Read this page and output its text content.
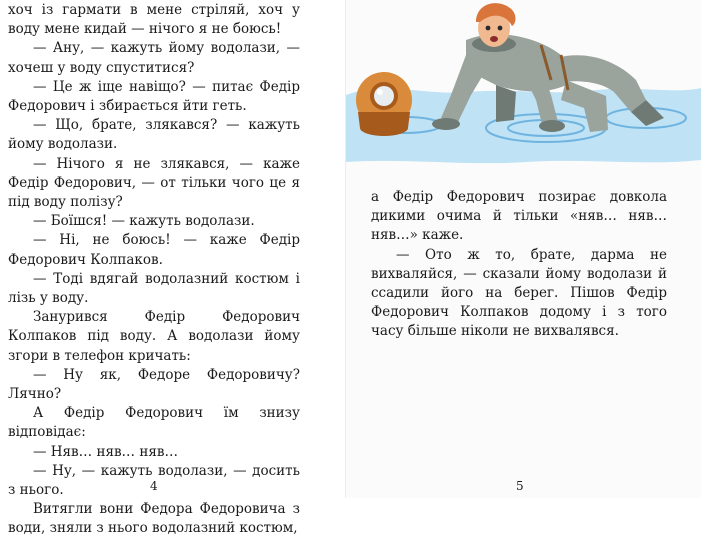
хоч із гармати в мене стріляй, хоч у воду мене кидай — нічого я не боюсь!

— Ану, — кажуть йому водолази, — хочеш у воду спуститися?

— Це ж іще навіщо? — питає Федір Федорович і збирається йти геть.

— Що, брате, злякався? — кажуть йому водолази.

— Нічого я не злякався, — каже Федір Федорович, — от тільки чого це я під воду полізу?

— Боїшся! — кажуть водолази.

— Ні, не боюсь! — каже Федір Федорович Колпаков.

— Тоді вдягай водолазний костюм і лізь у воду.

Занурився Федір Федорович Колпаков під воду. А водолази йому згори в телефон кричать:

— Ну як, Федоре Федоровичу? Лячно?

А Федір Федорович їм знизу відповідає:

— Няв… няв… няв…

— Ну, — кажуть водолази, — досить з нього.

Витягли вони Федора Федоровича з води, зняли з нього водолазний костюм,

4

а Федір Федорович позирає довкола дикими очима й тільки «няв… няв… няв…» каже.

— Ото ж то, брате, дарма не вихваляйся, — сказали йому водолази й ссадили його на берег. Пішов Федір Федорович Колпаков додому і з того часу більше ніколи не вихвалявся.

5
